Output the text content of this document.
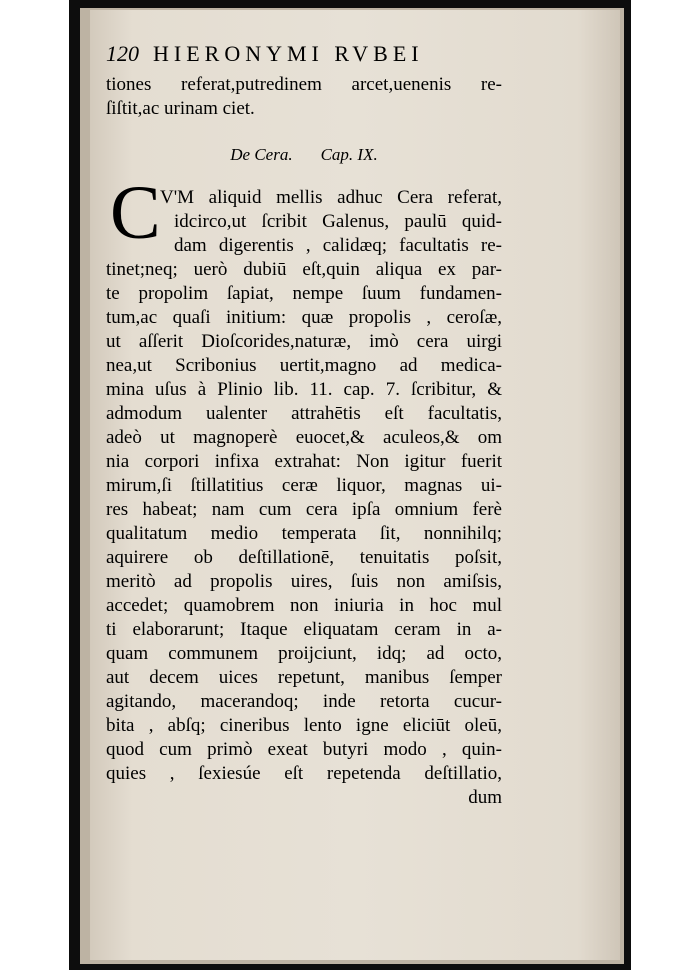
120 HIERONYMI RVBEI
tiones referat,putredinem arcet,uenenis re-
ſiſtit,ac urinam ciet.
De Cera. Cap. IX.
C V'M aliquid mellis adhuc Cera referat,
idcirco,ut ſcribit Galenus, paulū quid-
dam digerentis , calidæq; facultatis re-
tinet;neq; uerò dubiū eſt,quin aliqua ex par-
te propolim ſapiat, nempe ſuum fundamen-
tum,ac quaſi initium: quæ propolis , ceroſæ,
ut aſſerit Dioſcorides,naturæ, imò cera uirgi
nea,ut Scribonius uertit,magno ad medica-
mina uſus à Plinio lib. 11. cap. 7. ſcribitur, &
admodum ualenter attrahētis eſt facultatis,
adeò ut magnoperè euocet,& aculeos,& om
nia corpori infixa extrahat: Non igitur fuerit
mirum,ſi ſtillatitius ceræ liquor, magnas ui-
res habeat; nam cum cera ipſa omnium ferè
qualitatum medio temperata ſit, nonnihilq;
aquirere ob deſtillationē, tenuitatis poſsit,
meritò ad propolis uires, ſuis non amiſsis,
accedet; quamobrem non iniuria in hoc mul
ti elaborarunt; Itaque eliquatam ceram in a-
quam communem proijciunt, idq; ad octo,
aut decem uices repetunt, manibus ſemper
agitando, macerandoq; inde retorta cucur-
bita , abſq; cineribus lento igne eliciūt oleū,
quod cum primò exeat butyri modo , quin-
quies , ſexiesúe eſt repetenda deſtillatio,
dum
